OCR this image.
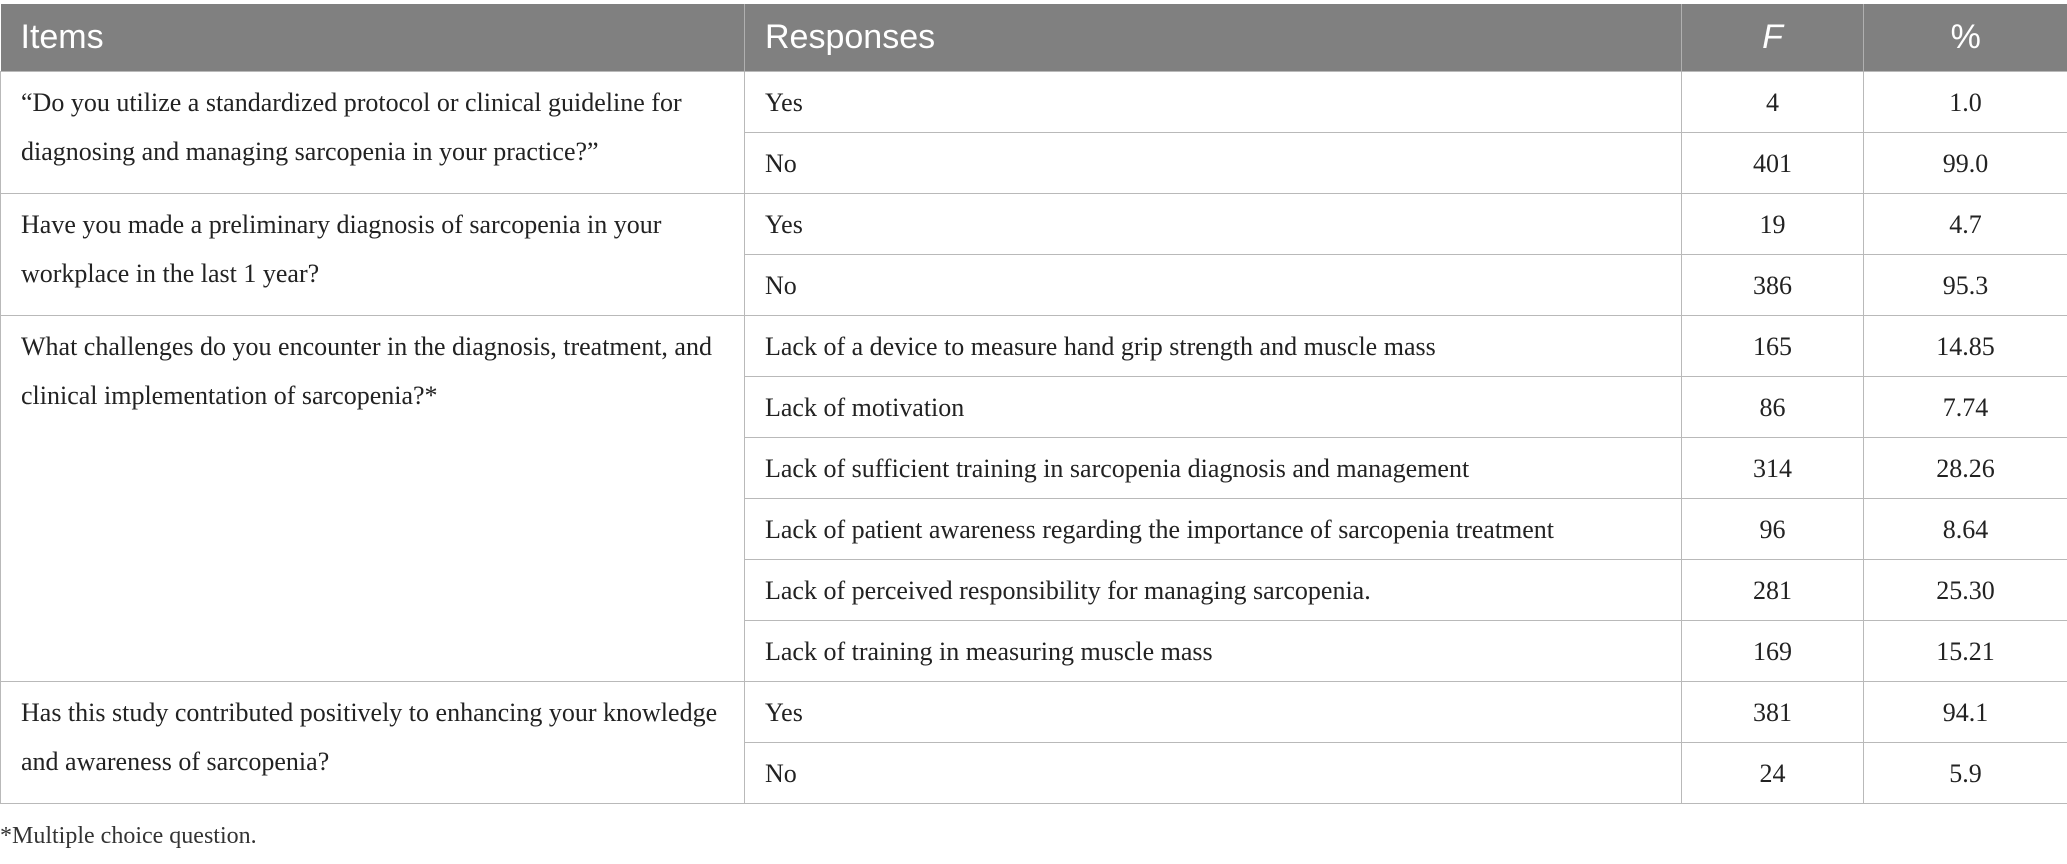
Items	Responses	F	%
“Do you utilize a standardized protocol or clinical guideline for diagnosing and managing sarcopenia in your practice?”	Yes	4	1.0
	No	401	99.0
Have you made a preliminary diagnosis of sarcopenia in your workplace in the last 1 year?	Yes	19	4.7
	No	386	95.3
What challenges do you encounter in the diagnosis, treatment, and clinical implementation of sarcopenia?*	Lack of a device to measure hand grip strength and muscle mass	165	14.85
	Lack of motivation	86	7.74
	Lack of sufficient training in sarcopenia diagnosis and management	314	28.26
	Lack of patient awareness regarding the importance of sarcopenia treatment	96	8.64
	Lack of perceived responsibility for managing sarcopenia.	281	25.30
	Lack of training in measuring muscle mass	169	15.21
Has this study contributed positively to enhancing your knowledge and awareness of sarcopenia?	Yes	381	94.1
	No	24	5.9
*Multiple choice question.
